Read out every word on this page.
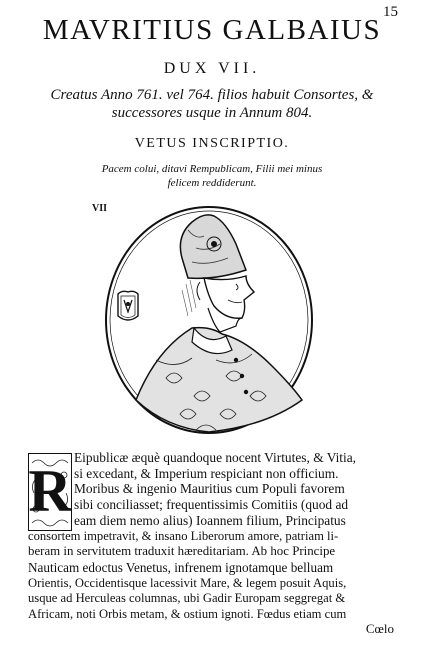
15
MAVRITIUS GALBAIUS
DUX VII.
Creatus Anno 761. vel 764. filios habuit Consortes, &
successores usque in Annum 804.
VETUS INSCRIPTIO.
Pacem colui, ditavi Rempublicam, Filii mei minus
felicem reddiderunt.
VII
R
Eipublicæ æquè quandoque nocent Virtutes, & Vitia,
si excedant, & Imperium respiciant non officium.
Moribus & ingenio Mauritius cum Populi favorem
sibi conciliasset; frequentissimis Comitiis (quod ad
eam diem nemo alius) Ioannem filium, Principatus
consortem impetravit, & insano Liberorum amore, patriam li-
beram in servitutem traduxit hæreditariam. Ab hoc Principe
Nauticam edoctus Venetus, infrenem ignotamque belluam
Orientis, Occidentisque lacessivit Mare, & legem posuit Aquis,
usque ad Herculeas columnas, ubi Gadir Europam seggregat &
Africam, noti Orbis metam, & ostium ignoti. Fœdus etiam cum
Cœlo
